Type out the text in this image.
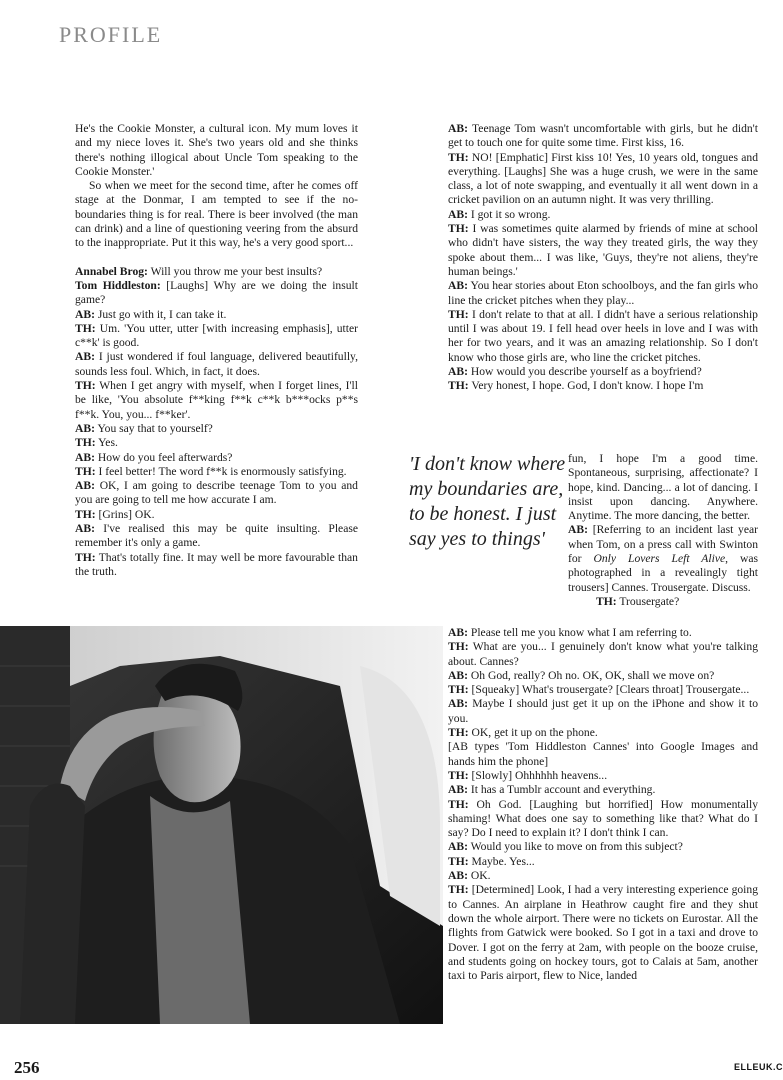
PROFILE

He's the Cookie Monster, a cultural icon. My mum loves it and my niece loves it. She's two years old and she thinks there's nothing illogical about Uncle Tom speaking to the Cookie Monster.'

So when we meet for the second time, after he comes off stage at the Donmar, I am tempted to see if the no-boundaries thing is for real. There is beer involved (the man can drink) and a line of questioning veering from the absurd to the inappropriate. Put it this way, he's a very good sport...

Annabel Brog: Will you throw me your best insults?

Tom Hiddleston: [Laughs] Why are we doing the insult game?

AB: Just go with it, I can take it.

TH: Um. 'You utter, utter [with increasing emphasis], utter c**k' is good.

AB: I just wondered if foul language, delivered beautifully, sounds less foul. Which, in fact, it does.

TH: When I get angry with myself, when I forget lines, I'll be like, 'You absolute f**king f**k c**k b***ocks p**s f**k. You, you... f**ker'.

AB: You say that to yourself?

TH: Yes.

AB: How do you feel afterwards?

TH: I feel better! The word f**k is enormously satisfying.

AB: OK, I am going to describe teenage Tom to you and you are going to tell me how accurate I am.

TH: [Grins] OK.

AB: I've realised this may be quite insulting. Please remember it's only a game.

TH: That's totally fine. It may well be more favourable than the truth.

AB: Teenage Tom wasn't uncomfortable with girls, but he didn't get to touch one for quite some time. First kiss, 16.

TH: NO! [Emphatic] First kiss 10! Yes, 10 years old, tongues and everything. [Laughs] She was a huge crush, we were in the same class, a lot of note swapping, and eventually it all went down in a cricket pavilion on an autumn night. It was very thrilling.

AB: I got it so wrong.

TH: I was sometimes quite alarmed by friends of mine at school who didn't have sisters, the way they treated girls, the way they spoke about them... I was like, 'Guys, they're not aliens, they're human beings.'

AB: You hear stories about Eton schoolboys, and the fan girls who line the cricket pitches when they play...

TH: I don't relate to that at all. I didn't have a serious relationship until I was about 19. I fell head over heels in love and I was with her for two years, and it was an amazing relationship. So I don't know who those girls are, who line the cricket pitches.

AB: How would you describe yourself as a boyfriend?

TH: Very honest, I hope. God, I don't know. I hope I'm

'I don't know where my boundaries are, to be honest. I just say yes to things'

fun, I hope I'm a good time. Spontaneous, surprising, affectionate? I hope, kind. Dancing... a lot of dancing. I insist upon dancing. Anywhere. Anytime. The more dancing, the better.

AB: [Referring to an incident last year when Tom, on a press call with Swinton for Only Lovers Left Alive, was photographed in a revealingly tight trousers] Cannes. Trousergate. Discuss.

TH: Trousergate?

AB: Please tell me you know what I am referring to.

TH: What are you... I genuinely don't know what you're talking about. Cannes?

AB: Oh God, really? Oh no. OK, OK, shall we move on?

TH: [Squeaky] What's trousergate? [Clears throat] Trousergate...

AB: Maybe I should just get it up on the iPhone and show it to you.

TH: OK, get it up on the phone.

[AB types 'Tom Hiddleston Cannes' into Google Images and hands him the phone]

TH: [Slowly] Ohhhhhh heavens...

AB: It has a Tumblr account and everything.

TH: Oh God. [Laughing but horrified] How monumentally shaming! What does one say to something like that? What do I say? Do I need to explain it? I don't think I can.

AB: Would you like to move on from this subject?

TH: Maybe. Yes...

AB: OK.

TH: [Determined] Look, I had a very interesting experience going to Cannes. An airplane in Heathrow caught fire and they shut down the whole airport. There were no tickets on Eurostar. All the flights from Gatwick were booked. So I got in a taxi and drove to Dover. I got on the ferry at 2am, with people on the booze cruise, and students going on hockey tours, got to Calais at 5am, another taxi to Paris airport, flew to Nice, landed

256	ELLEUK.C
